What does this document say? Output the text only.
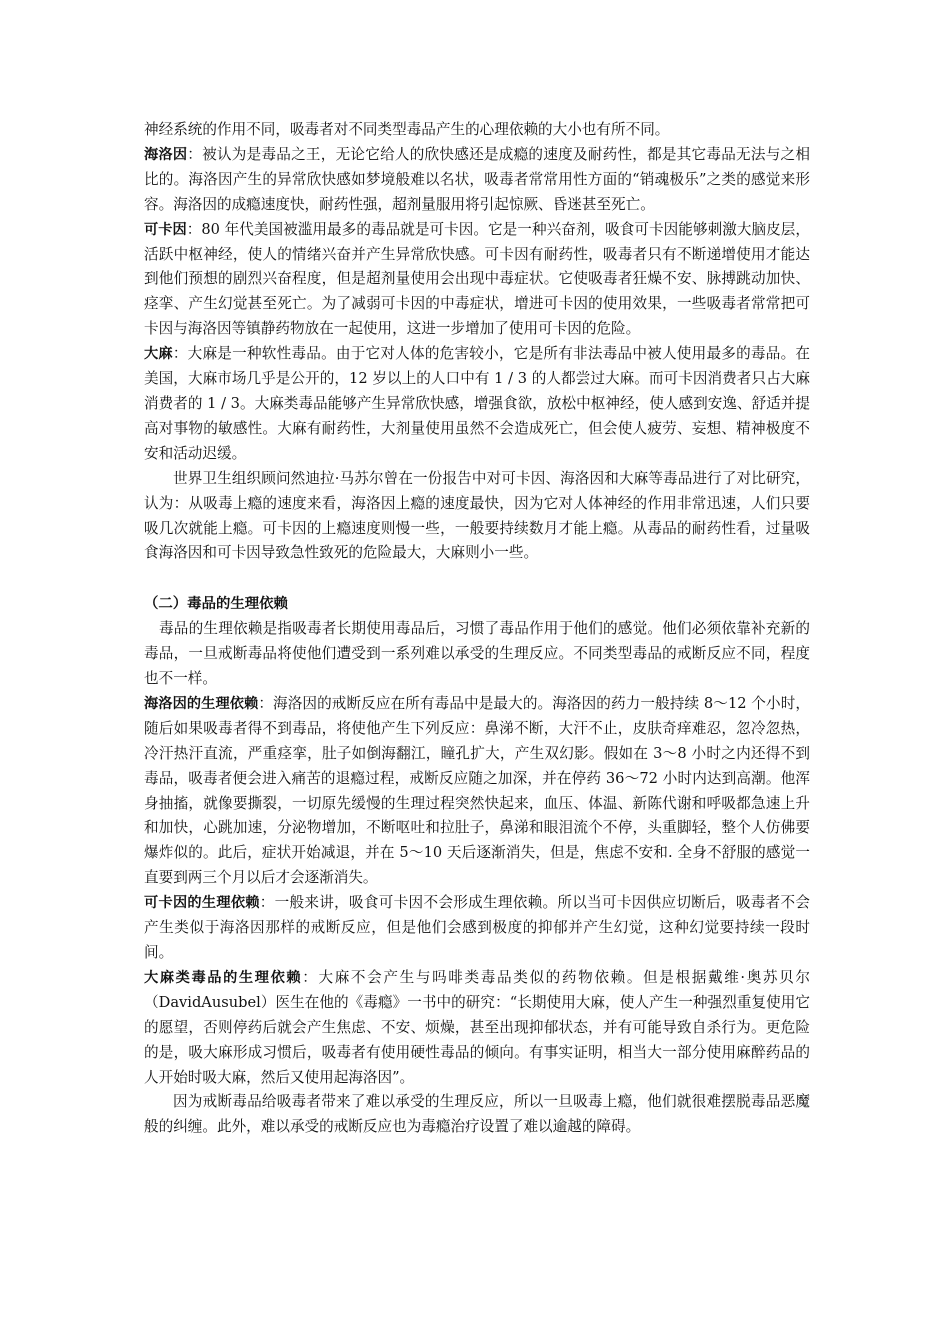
神经系统的作用不同，吸毒者对不同类型毒品产生的心理依赖的大小也有所不同。

海洛因：被认为是毒品之王，无论它给人的欣快感还是成瘾的速度及耐药性，都是其它毒品无法与之相比的。海洛因产生的异常欣快感如梦境般难以名状，吸毒者常常用性方面的“销魂极乐”之类的感觉来形容。海洛因的成瘾速度快，耐药性强，超剂量服用将引起惊厥、昏迷甚至死亡。

可卡因：80 年代美国被滥用最多的毒品就是可卡因。它是一种兴奋剂，吸食可卡因能够刺激大脑皮层，活跃中枢神经，使人的情绪兴奋并产生异常欣快感。可卡因有耐药性，吸毒者只有不断递增使用才能达到他们预想的剧烈兴奋程度，但是超剂量使用会出现中毒症状。它使吸毒者狂燥不安、脉搏跳动加快、痉挛、产生幻觉甚至死亡。为了减弱可卡因的中毒症状，增进可卡因的使用效果，一些吸毒者常常把可卡因与海洛因等镇静药物放在一起使用，这进一步增加了使用可卡因的危险。

大麻：大麻是一种软性毒品。由于它对人体的危害较小，它是所有非法毒品中被人使用最多的毒品。在美国，大麻市场几乎是公开的，12 岁以上的人口中有 1 / 3 的人都尝过大麻。而可卡因消费者只占大麻消费者的 1 / 3。大麻类毒品能够产生异常欣快感，增强食欲，放松中枢神经，使人感到安逸、舒适并提高对事物的敏感性。大麻有耐药性，大剂量使用虽然不会造成死亡，但会使人疲劳、妄想、精神极度不安和活动迟缓。

世界卫生组织顾问然迪拉·马苏尔曾在一份报告中对可卡因、海洛因和大麻等毒品进行了对比研究，认为：从吸毒上瘾的速度来看，海洛因上瘾的速度最快，因为它对人体神经的作用非常迅速，人们只要吸几次就能上瘾。可卡因的上瘾速度则慢一些，一般要持续数月才能上瘾。从毒品的耐药性看，过量吸食海洛因和可卡因导致急性致死的危险最大，大麻则小一些。

（二）毒品的生理依赖

毒品的生理依赖是指吸毒者长期使用毒品后，习惯了毒品作用于他们的感觉。他们必须依靠补充新的毒品，一旦戒断毒品将使他们遭受到一系列难以承受的生理反应。不同类型毒品的戒断反应不同，程度也不一样。

海洛因的生理依赖：海洛因的戒断反应在所有毒品中是最大的。海洛因的药力一般持续 8～12 个小时，随后如果吸毒者得不到毒品，将使他产生下列反应：鼻涕不断，大汗不止，皮肤奇痒难忍，忽冷忽热，冷汗热汗直流，严重痉挛，肚子如倒海翻江，瞳孔扩大，产生双幻影。假如在 3～8 小时之内还得不到毒品，吸毒者便会进入痛苦的退瘾过程，戒断反应随之加深，并在停药 36～72 小时内达到高潮。他浑身抽搐，就像要撕裂，一切原先缓慢的生理过程突然快起来，血压、体温、新陈代谢和呼吸都急速上升和加快，心跳加速，分泌物增加，不断呕吐和拉肚子，鼻涕和眼泪流个不停，头重脚轻，整个人仿佛要爆炸似的。此后，症状开始减退，并在 5～10 天后逐渐消失，但是，焦虑不安和. 全身不舒服的感觉一直要到两三个月以后才会逐渐消失。

可卡因的生理依赖：一般来讲，吸食可卡因不会形成生理依赖。所以当可卡因供应切断后，吸毒者不会产生类似于海洛因那样的戒断反应，但是他们会感到极度的抑郁并产生幻觉，这种幻觉要持续一段时间。

大麻类毒品的生理依赖：大麻不会产生与吗啡类毒品类似的药物依赖。但是根据戴维·奥苏贝尔（DavidAusubel）医生在他的《毒瘾》一书中的研究：“长期使用大麻，使人产生一种强烈重复使用它的愿望，否则停药后就会产生焦虑、不安、烦燥，甚至出现抑郁状态，并有可能导致自杀行为。更危险的是，吸大麻形成习惯后，吸毒者有使用硬性毒品的倾向。有事实证明，相当大一部分使用麻醉药品的人开始时吸大麻，然后又使用起海洛因”。

因为戒断毒品给吸毒者带来了难以承受的生理反应，所以一旦吸毒上瘾，他们就很难摆脱毒品恶魔般的纠缠。此外，难以承受的戒断反应也为毒瘾治疗设置了难以逾越的障碍。
